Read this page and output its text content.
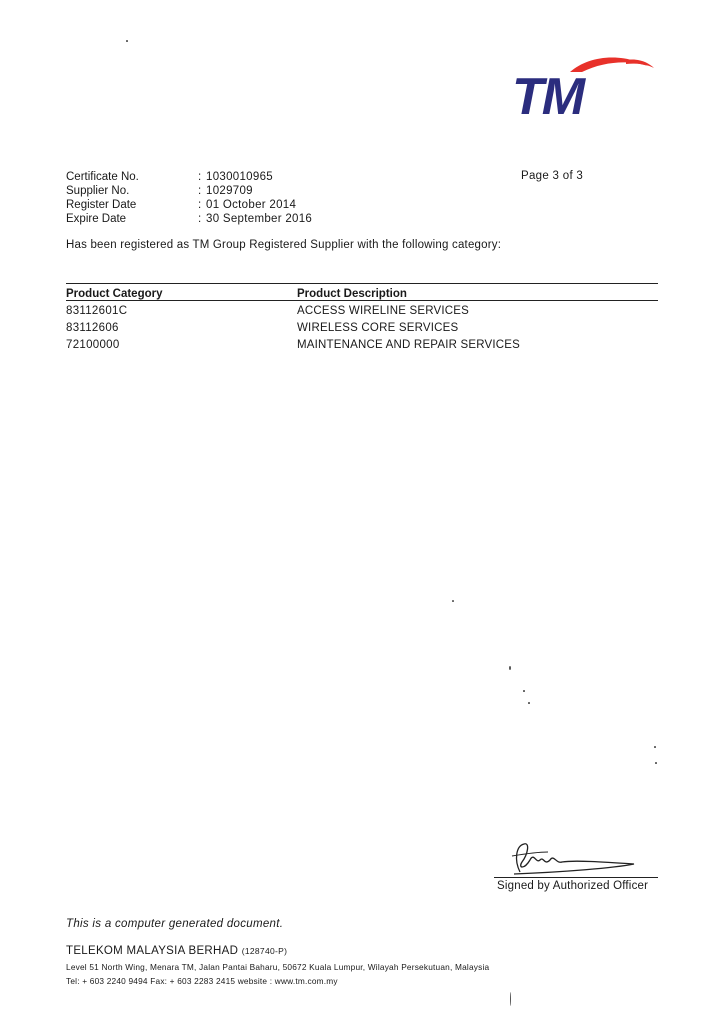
TM
Certificate No.	: 1030010965
Supplier No.	: 1029709
Register Date	: 01 October 2014
Expire Date	: 30 September 2016
Page 3 of 3
Has been registered as TM Group Registered Supplier with the following category:
Product Category	Product Description
83112601C	ACCESS WIRELINE SERVICES
83112606	WIRELESS CORE SERVICES
72100000	MAINTENANCE AND REPAIR SERVICES
Signed by Authorized Officer
This is a computer generated document.
TELEKOM MALAYSIA BERHAD (128740-P)
Level 51 North Wing, Menara TM, Jalan Pantai Baharu, 50672 Kuala Lumpur, Wilayah Persekutuan, Malaysia
Tel: + 603 2240 9494 Fax: + 603 2283 2415 website : www.tm.com.my
